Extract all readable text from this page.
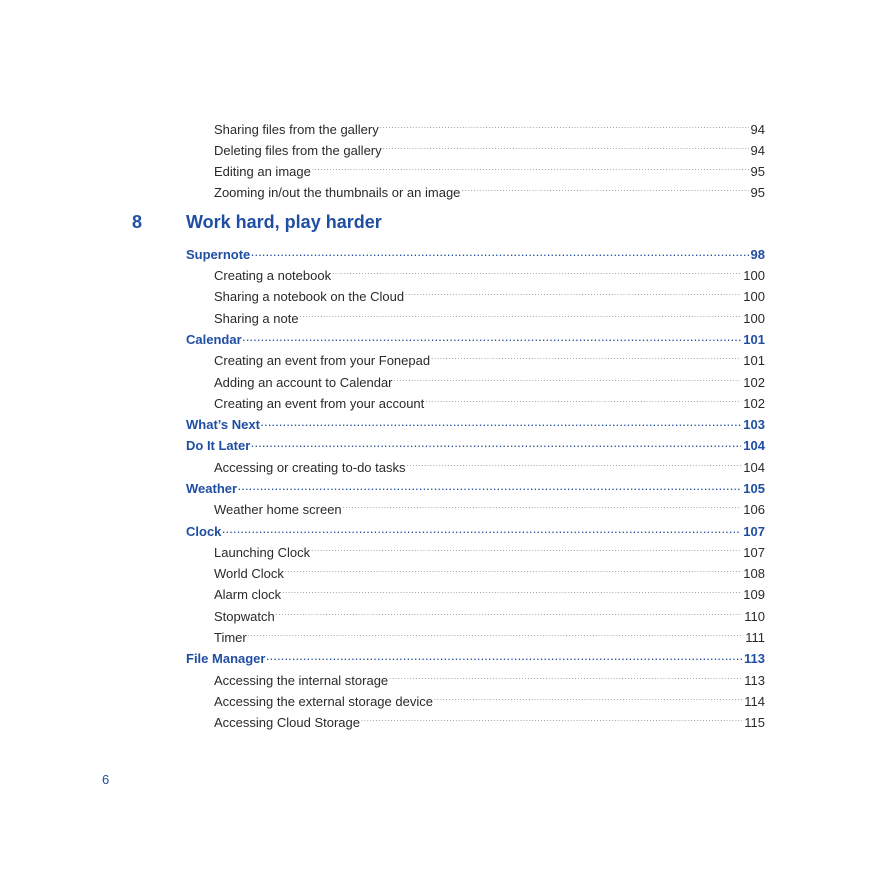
Sharing files from the gallery .....	94
Deleting files from the gallery .....	94
Editing an image .....	95
Zooming in/out the thumbnails or an image .....	95
8 Work hard, play harder
Supernote .....	98
Creating a notebook .....	100
Sharing a notebook on the Cloud .....	100
Sharing a note .....	100
Calendar .....	101
Creating an event from your Fonepad .....	101
Adding an account to Calendar .....	102
Creating an event from your account .....	102
What’s Next .....	103
Do It Later .....	104
Accessing or creating to-do tasks .....	104
Weather .....	105
Weather home screen .....	106
Clock .....	107
Launching Clock .....	107
World Clock .....	108
Alarm clock .....	109
Stopwatch .....	110
Timer .....	111
File Manager .....	113
Accessing the internal storage .....	113
Accessing the external storage device .....	114
Accessing Cloud Storage .....	115
6
